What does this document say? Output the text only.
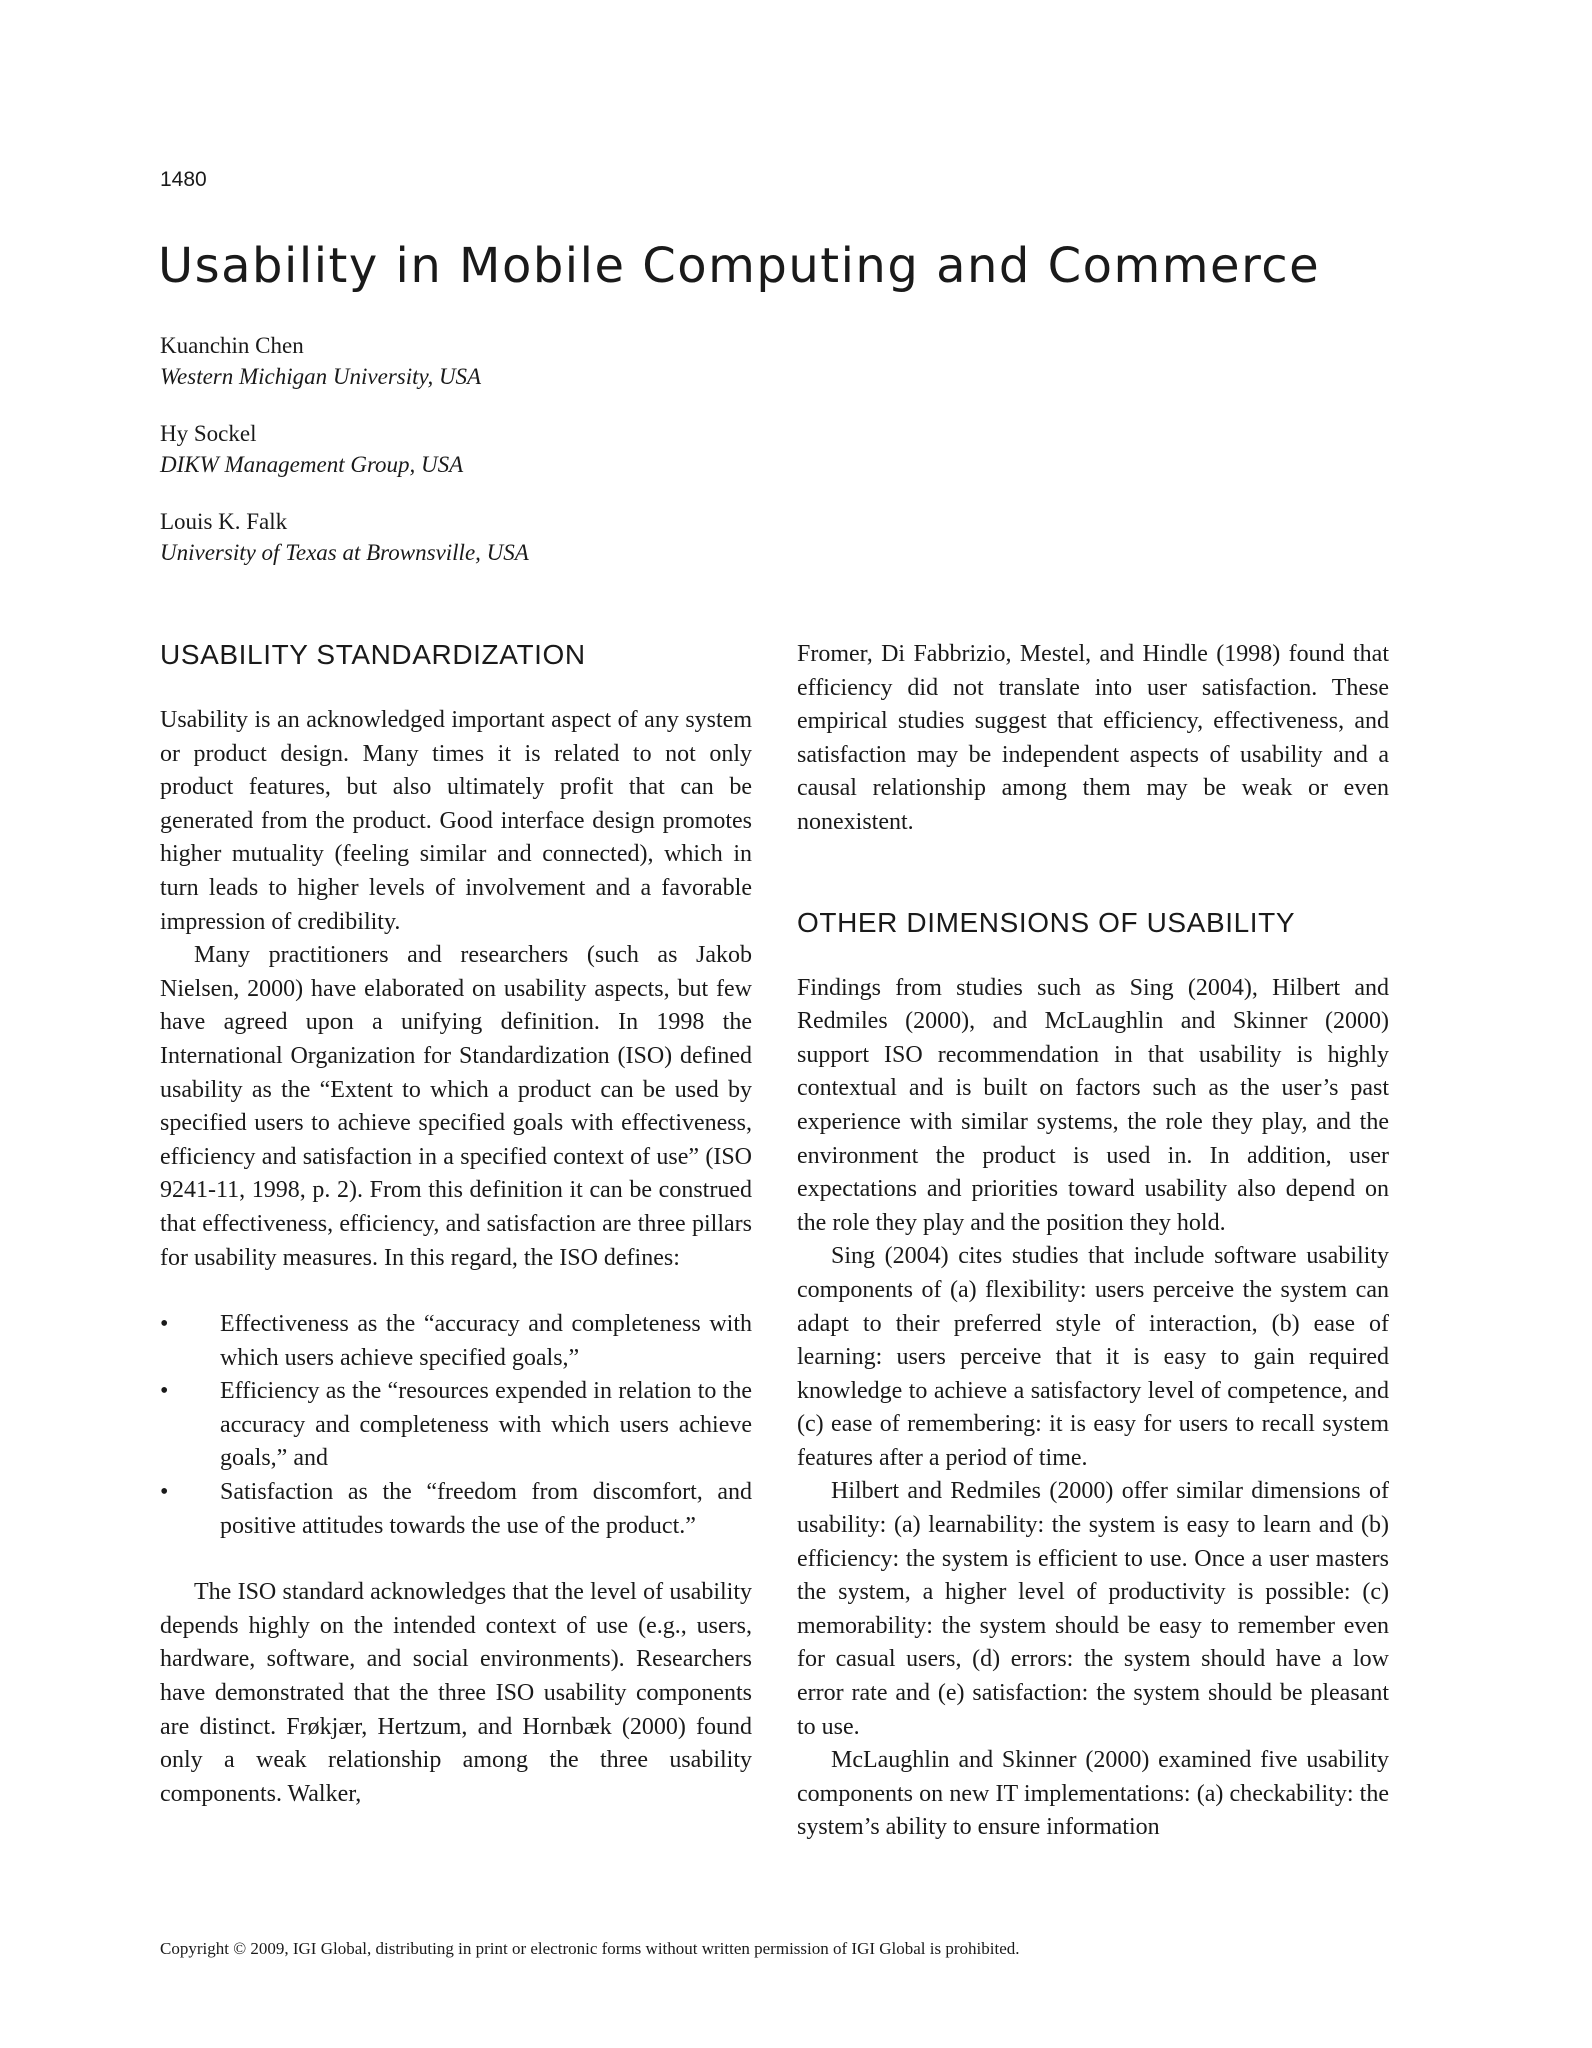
1480
Usability in Mobile Computing and Commerce
Kuanchin Chen
Western Michigan University, USA
Hy Sockel
DIKW Management Group, USA
Louis K. Falk
University of Texas at Brownsville, USA
USABILITY STANDARDIZATION

Usability is an acknowledged important aspect of any system or product design. Many times it is related to not only product features, but also ultimately profit that can be generated from the product. Good interface design promotes higher mutuality (feeling similar and connected), which in turn leads to higher levels of involvement and a favorable impression of credibility.

Many practitioners and researchers (such as Jakob Nielsen, 2000) have elaborated on usability aspects, but few have agreed upon a unifying definition. In 1998 the International Organization for Standardization (ISO) defined usability as the “Extent to which a product can be used by specified users to achieve specified goals with effectiveness, efficiency and satisfaction in a specified context of use” (ISO 9241-11, 1998, p. 2). From this definition it can be construed that effectiveness, efficiency, and satisfaction are three pillars for usability measures. In this regard, the ISO defines:

• Effectiveness as the “accuracy and completeness with which users achieve specified goals,”
• Efficiency as the “resources expended in relation to the accuracy and completeness with which users achieve goals,” and
• Satisfaction as the “freedom from discomfort, and positive attitudes towards the use of the product.”

The ISO standard acknowledges that the level of usability depends highly on the intended context of use (e.g., users, hardware, software, and social environments). Researchers have demonstrated that the three ISO usability components are distinct. Frøkjær, Hertzum, and Hornbæk (2000) found only a weak relationship among the three usability components. Walker,

Fromer, Di Fabbrizio, Mestel, and Hindle (1998) found that efficiency did not translate into user satisfaction. These empirical studies suggest that efficiency, effectiveness, and satisfaction may be independent aspects of usability and a causal relationship among them may be weak or even nonexistent.

OTHER DIMENSIONS OF USABILITY

Findings from studies such as Sing (2004), Hilbert and Redmiles (2000), and McLaughlin and Skinner (2000) support ISO recommendation in that usability is highly contextual and is built on factors such as the user’s past experience with similar systems, the role they play, and the environment the product is used in. In addition, user expectations and priorities toward usability also depend on the role they play and the position they hold.

Sing (2004) cites studies that include software usability components of (a) flexibility: users perceive the system can adapt to their preferred style of interaction, (b) ease of learning: users perceive that it is easy to gain required knowledge to achieve a satisfactory level of competence, and (c) ease of remembering: it is easy for users to recall system features after a period of time.

Hilbert and Redmiles (2000) offer similar dimensions of usability: (a) learnability: the system is easy to learn and (b) efficiency: the system is efficient to use. Once a user masters the system, a higher level of productivity is possible: (c) memorability: the system should be easy to remember even for casual users, (d) errors: the system should have a low error rate and (e) satisfaction: the system should be pleasant to use.

McLaughlin and Skinner (2000) examined five usability components on new IT implementations: (a) checkability: the system’s ability to ensure information

Copyright © 2009, IGI Global, distributing in print or electronic forms without written permission of IGI Global is prohibited.
